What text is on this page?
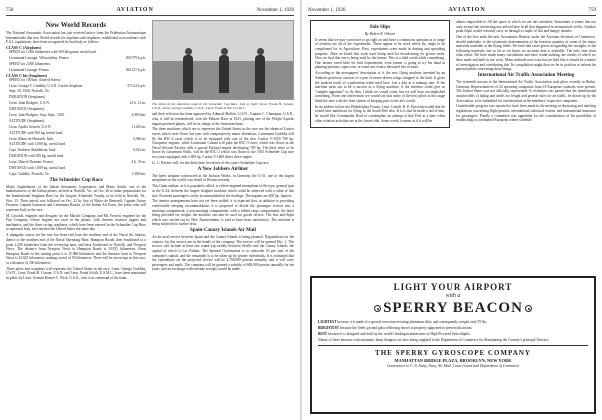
758	AVIATION	November 1, 1926
New World Records

The National Aeronautic Association has just received notice from the Fédération Aéronautique Internationale that new World records for airplanes and seaplanes, established in accordance with F.A.I. regulations, have been recognized by that body as follows:

CLASS C (Airplanes)
SPEED for 1,000 kilometers with 500 kilograms useful load.
Lieutenant Lerouge. Villacoublay, France.	169.579 k.p.h.
SPEED for 2,000 kilometers.
Lieutenant Lerouge. France.	160.127 k.p.h.
CLASS C bis (Seaplanes)
SPEED for 100 km. (United States).
Lieut. George T. Cuddihy, U.S.N. Curtiss Seaplane.	375.34 k.p.h.
Sept. 20, 1926. Norfolk, Va.
DURATION (Seaplanes).
Lieut. John Rodgers, U.S.N.	21 h. 12 m.
DISTANCE (Seaplanes).
Lieut. John Rodgers. Aug.-Sept., 1925.	2,993 km.
ALTITUDE (Seaplanes).
Lieut. Apollo Soucek, U.S.N.	11,643 m.
ALTITUDE with 500 kg. useful load.
Lieut. Mario de Bernardi, Italy.	6,982 m.
ALTITUDE with 1,000 kg. useful load.
Capt. Umberto Maddalena, Italy.	6,022 m.
DURATION with 500 kg. useful load.
Lieut. Marcel Dronnet, France.	4 h. 35 m.
DISTANCE with 1,000 kg. useful load.
Capt. Cuddihy. Norfolk, Va.	1,200 km.
The Schneider Cup Race

Major Guglielmetti, of the Italian Aeronautic Corporation, and Mario Sarchi, one of the manufacturers of the Italian planes, arrived at Norfolk, Va., on Oct. 26 to make preparations for the International Seaplane Race for the Jacques Schneider Trophy, to be held at Norfolk, Va., Nov. 13. Their arrival was followed on Oct. 22 by that of Major de Bernardi, Captain Arturo Ferrarin, Captain Guazzetti and Lieutenant Bacula, of the Italian Air Force, the pilots who will represent Italy in the race.

M. Castoldi, engineer and designer for the Macchi Company, and Mr. Ferretti, engineer for the Fiat Company, whose engines are used in the planes, with thirteen aviation riggers and mechanics, and the three racing seaplanes, which have been entered in the Schneider Cup Race to represent Italy, also reached the United States the same day.

A triangular course for the race has been laid from the northern end of the Naval Air Station, thence to the northern end of the Naval Operating Base, Hampton Roads, then Southward to a point 2,200 kilometers from the reviewing base, and back Southward to Norfolk, and Newport News. The distance from Newport News to Hampton Roads is 10.815 kilometers. From Hampton Roads to the turning point it is 15.986 kilometers and the distance back to Newport News is 23.823 kilometers, making a total of 50 kilometers. There will be seven laps in this race, or a distance of 350 kilometers.

Three pilots and seaplanes will represent the United States in the race. Lieut. George Cuddihy, U.S.N., Lieut. Frank H. Conant, U.S.N. and Lieut. Frank Schilt, U.S.M.C., have been nominated as pilots by Lieut. General Homer C. Wick, U.S.A., who is in command of the team,

The pilots of the American team in the Schneider Cup Race. Left to right: Lieut. Frank H. Conant, U.S.N., Lieut. George Cuddihy, U.S.N., Lieut. Frank Schilt, U.S.M.C.

and their selection has been approved by Admiral Moffett, U.S.N., Captain C. Champion, U.S.N., who, it will be remembered, won the Pulitzer Race in 1923, piloting one of the Wright Apache engine powered planes, will be in charge of the American team.

The three machines which are to represent the United States in the race are the identical Curtiss racers which were flown last year with comparatively minor alterations. Lieutenant Cuddihy will fly the R3C-4 racer which is to be equipped with one of the new Curtiss V-1550 700 hp. Conqueror engines, while Lieutenant Conant will pilot the R3C-3 racer, which was flown in the Naval Aircraft Factory with a special Packard engine developing 700 hp. The third entry to be flown by Lieutenant Schilt, will be the R3C-2 which was flown to the 1925 Schneider Cup race two years equipped with a 600 hp. Curtiss V-1400 direct drive engine.

Lt. C. Ritchie will, for the third time, be referee of this year's Schneider Cup race.

A New Jobbers Airliner

The latest airplane constructed at the Jackson Works, in Germany, the G-31, one of the largest aeroplanes in the world, was tested at Dessau recently.

This Giant airliner, as it is popularly called, is a three-engined monoplane of the type, general type as the G-24, between the largest freighter machine which could be achieved with a cabin of this size. Fourteen passengers can be accommodated in the fuselage. The engines are 400 hp. Jupiters.

The interior arrangements have not yet been settled; it is expected that, in addition to providing comfortable sleeping accommodations it is proposed to divide the passenger section into a smoking compartment, a non-smoking compartment, with a folded cargo compartment, the latter being provided for freight; the machine can also be used for goods service. The first and flight which was carried out by Herr Zimmermann, is said to have been satisfactory. The machine is being subjected to further tests.

Spain-Canary Islands Air Mail

An air mail service between Spain and the Canary Islands is being planned. Negotiations for the contract for this service are in the hands of the company. The service will be opened Dec. 1. The service will include at least one round trip weekly between Seville and the Canary Islands, the capital of which is Las Palmas. The Spanish Government is to subscribe 20 per cent of the company's capital, and the remainder is to be taken up by private individuals. It is estimated that the expenditure on the projected service will be 2,700,000 pesetas annually, and it will carry passengers and mails. The company will be granted a subsidy of 600,000 pesetas annually for ten years, and an exchange with revenue receipts would be made.

November 1, 1926	AVIATION	759
Side Slips

By Robert R. Osborn

It seems that we may soon have to go right on and have a continuous question as to range of aviation are all of the experiments. These appear to be word which fly, ought to be complained for in Agriculture, First, experiments were made in dusting and spreading purposes. Then we heard that work were being used for broadcasting for grown seeds. Now we find that one is being used by the farmer. This is a field worth while considering. One farmer cared little for bird experiments, even farmer is going to try his hand at planting potatoes, super tans, or some sort from a thousand feet or more.

According to the newspapers' description of it, the new flying machine invented by an Amherst professor consists of a pair of motor-driven wings strapped to the back. It gives the modern touch of a pedestrian when used here. Just a kite in a running start. If the machine turns out to be a success as a flying machine, if the inventor could give us "simplex apparatus" to fly then, I think we would come, but we will have accomplished something. From one observation we would say that some of the best pilots at this stage think the ones with the least chance of keeping pace to the air's world.

In an address before the Philadelphia Forum, Lieut. Comdr. R. E. Byrd advocated that he would have ambitions for flying to the South Pole also. If it is that he made a tail of him, he would like Commander Byrd to contemplate an attempt at that Pole at a time when other aviation activities are at the lowest ebb. Some words it seems as if it will be

almost impossible to fill the space of which we are the onlookers. Sometimes it seems that not only actions but interesting has arrived here in all that happened in aeronautical circles. Another point flight would certainly carry us through a couple of fast and hungry months.

One of the first tasks the new Aeronautics Branch, under the Assistant Secretary of Commerce, should undertake, is the systematic determination of the heaviest quantity of some of the many materials available at the flying fields. We have had cases given in regarding the strengths of the following materials, but so far as we know, no accurate data is available. The only ones from what exists. We have made many calculations and have found nothing, the results of which we have made and built in our work. Many methods now exist but we hold that it should be a matter of investigation and considering this. Its compilation might then we be in position to inform the general public concerning these things.

International Air Traffic Association Meeting

The sixteenth session of the International Air Traffic Association took place recently in Berlin, Germany. Representatives of 22 operating companies from 18 European countries were present. The United States was not officially represented. A resolution was passed that the international aviation bills of lading and tariffs for freight and general rules for air traffic, be drawn up by the Association, to be submitted for consideration at the members' respective companies.

Considerable progress was reported to have been made in the meeting in discussing and unifying regulations concerning flight permits, international statistical returns, and international insurance for passengers. Finally a committee was appointed for the consideration of the possibility of establishing a coordinated European winter schedule.

LIGHT YOUR AIRPORT
with a
SPERRY BEACON

LIGHTEST because it is made of a special corrosion resisting aluminum alloy and consequently weighs only 59 lbs.

BRIGHTEST because the finely ground glass reflecting mirror is properly supported to prevent distortion.

BEST because it is designed and built by the world's leading manufacturer of High Powered Searchlights.

Ninety of these beacons with automatic lamp changers are now being supplied to the Department of Commerce for illuminating the Country's principal Airways.

THE SPERRY GYROSCOPE COMPANY
MANHATTAN BRIDGE PLAZA, BROOKLYN, NEW YORK
Contractors to U. S. Army, Navy, Air Mail, Coast Guard and Department of Commerce
